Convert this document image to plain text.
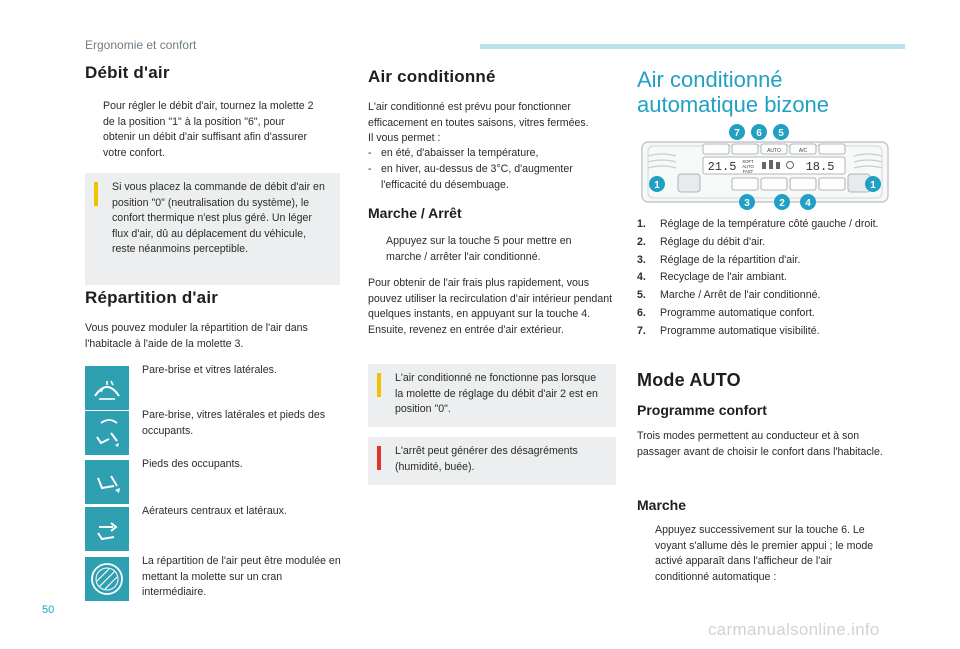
Ergonomie et confort
Débit d'air

Pour régler le débit d'air, tournez la molette 2 de la position "1" à la position "6", pour obtenir un débit d'air suffisant afin d'assurer votre confort.

Si vous placez la commande de débit d'air en position "0" (neutralisation du système), le confort thermique n'est plus géré. Un léger flux d'air, dû au déplacement du véhicule, reste néanmoins perceptible.
Répartition d'air

Vous pouvez moduler la répartition de l'air dans l'habitacle à l'aide de la molette 3.

Pare-brise et vitres latérales.
Pare-brise, vitres latérales et pieds des occupants.
Pieds des occupants.
Aérateurs centraux et latéraux.
La répartition de l'air peut être modulée en mettant la molette sur un cran intermédiaire.
Air conditionné

L'air conditionné est prévu pour fonctionner efficacement en toutes saisons, vitres fermées.

Il vous permet :

- en été, d'abaisser la température,

- en hiver, au-dessus de 3°C, d'augmenter l'efficacité du désembuage.

Marche / Arrêt

Appuyez sur la touche 5 pour mettre en marche / arrêter l'air conditionné.

Pour obtenir de l'air frais plus rapidement, vous pouvez utiliser la recirculation d'air intérieur pendant quelques instants, en appuyant sur la touche 4. Ensuite, revenez en entrée d'air extérieur.

L'air conditionné ne fonctionne pas lorsque la molette de réglage du débit d'air 2 est en position "0".
L'arrêt peut générer des désagréments (humidité, buée).
Air conditionné
automatique bizone
AUTO	A/C
21.5 SOFT
AUTO
FAST	18.5
7 6 5
1	1
3	2 4
1. Réglage de la température côté gauche / droit.
2. Réglage du débit d'air.
3. Réglage de la répartition d'air.
4. Recyclage de l'air ambiant.
5. Marche / Arrêt de l'air conditionné.
6. Programme automatique confort.
7. Programme automatique visibilité.
Mode AUTO
Programme confort

Trois modes permettent au conducteur et à son passager avant de choisir le confort dans l'habitacle.

Marche

Appuyez successivement sur la touche 6. Le voyant s'allume dès le premier appui ; le mode activé apparaît dans l'afficheur de l'air conditionné automatique :

50
carmanualsonline.info
